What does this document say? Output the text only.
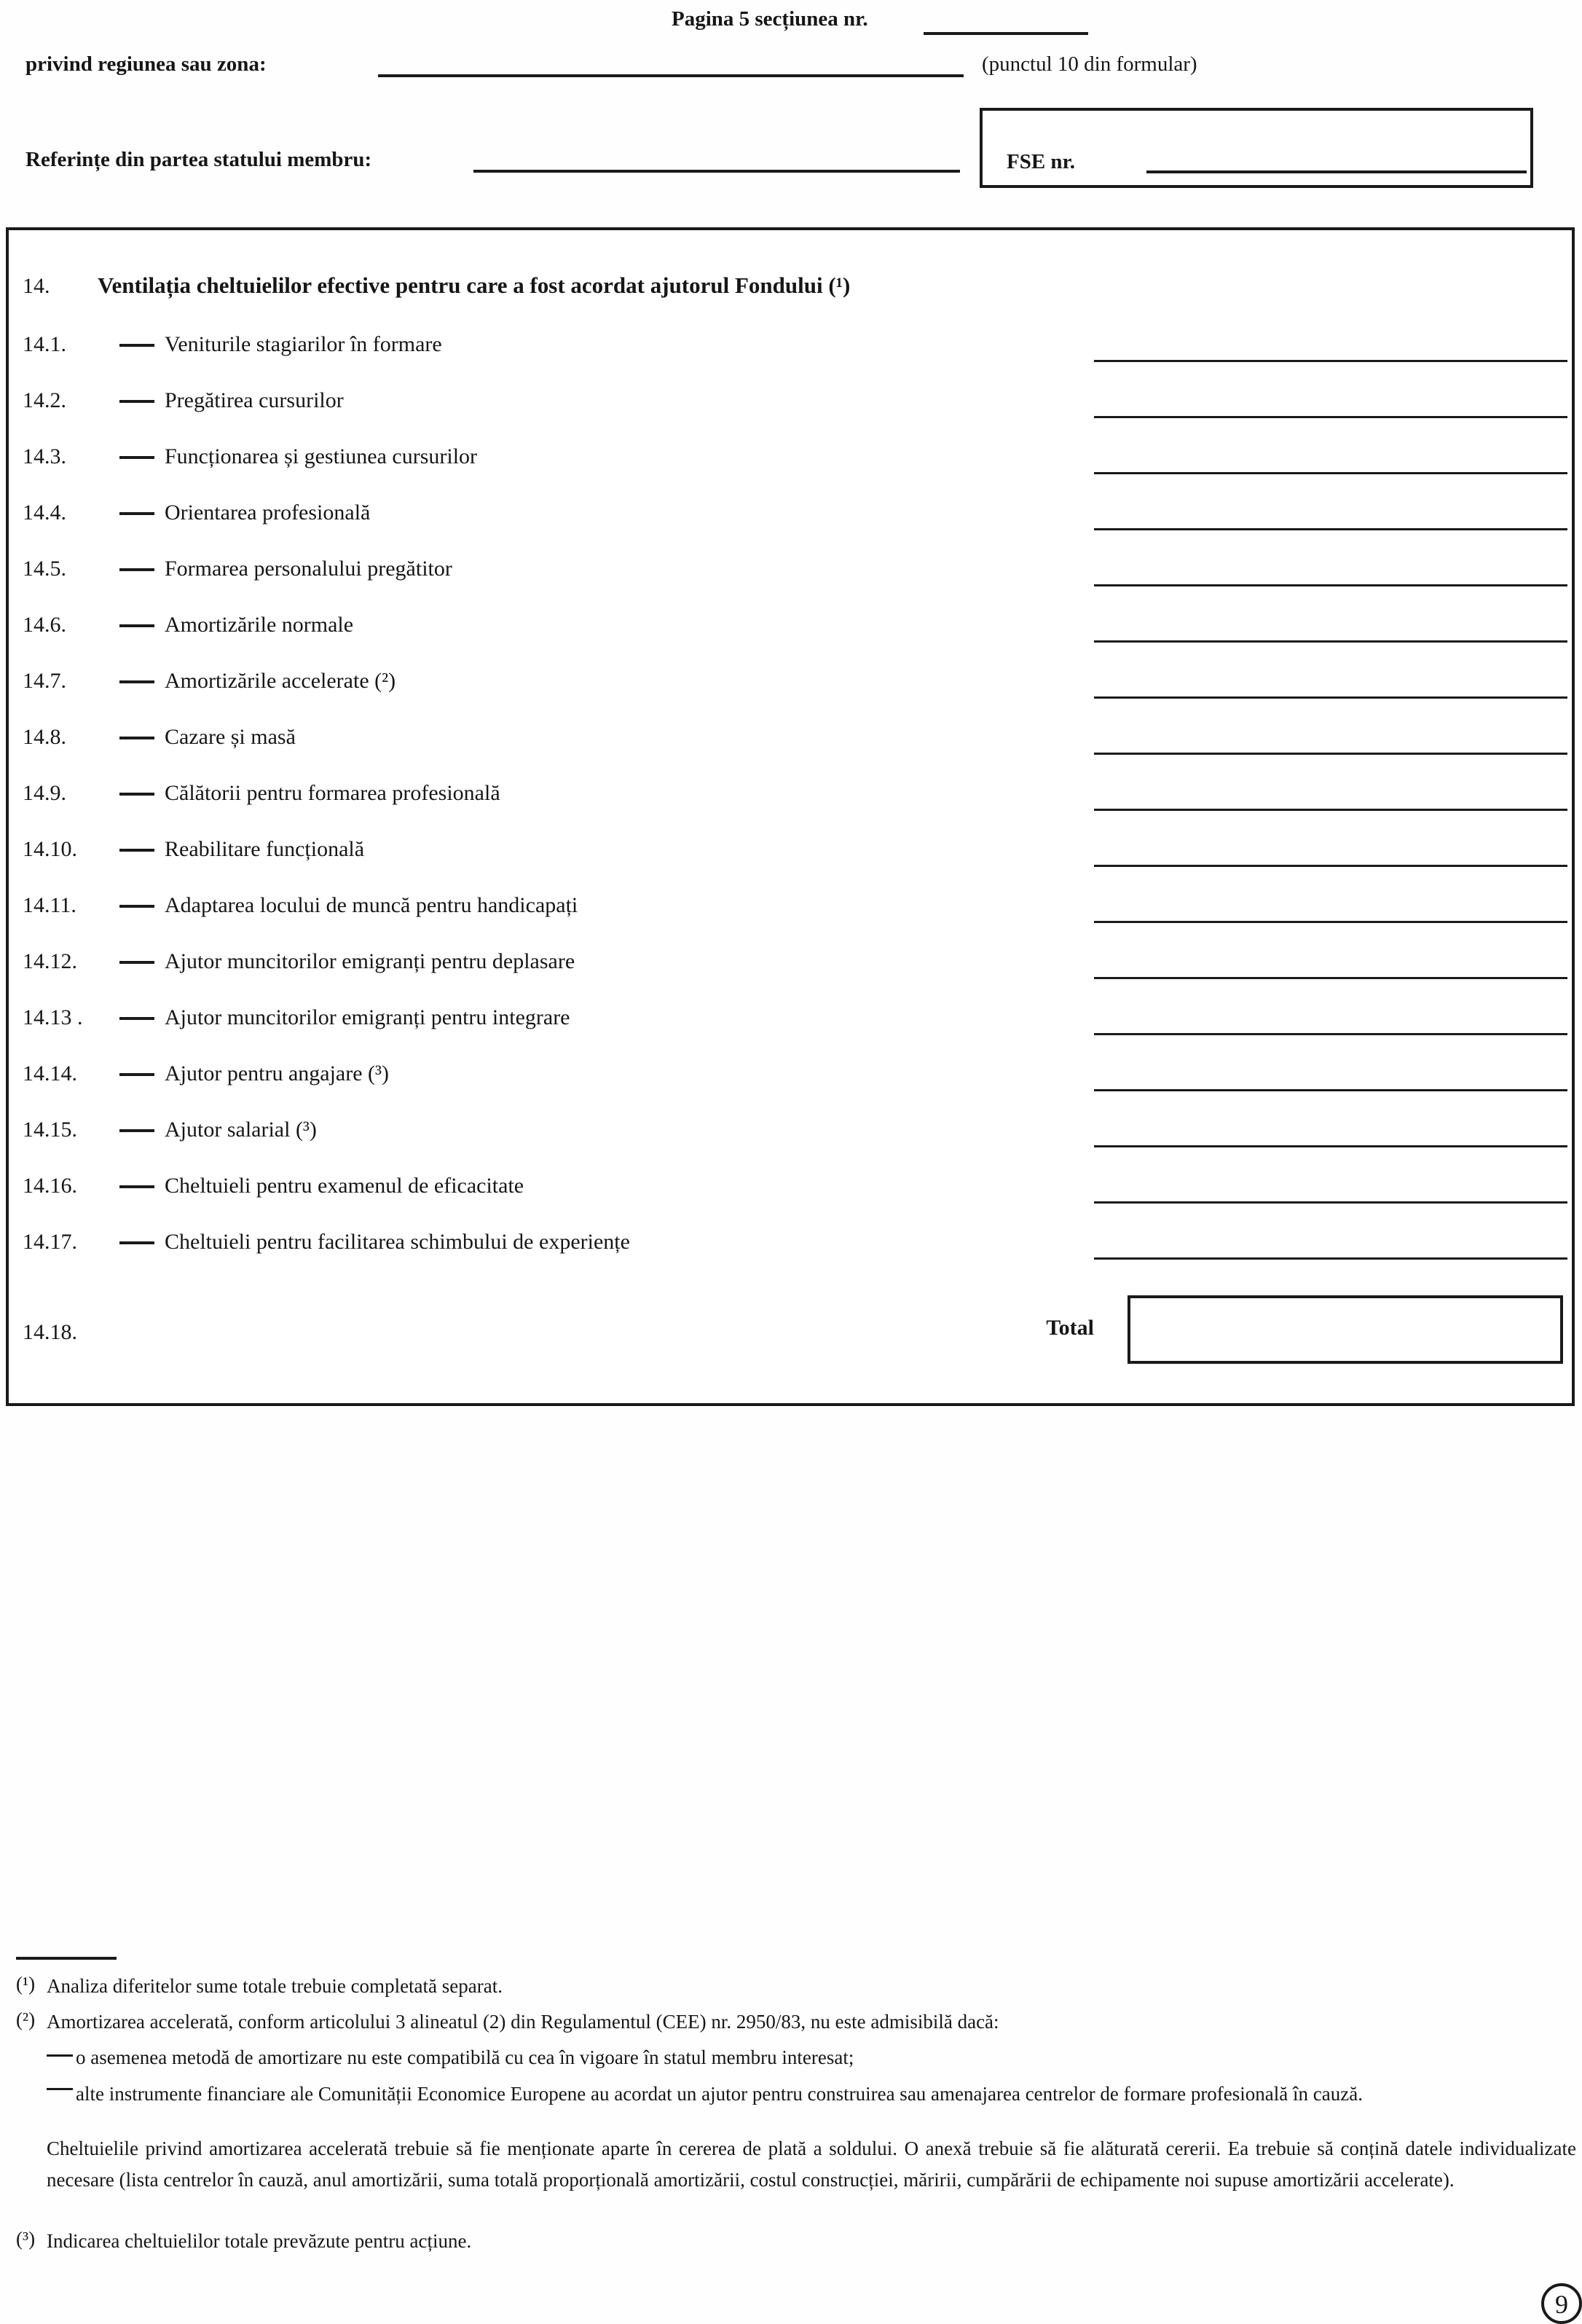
Pagina 5 secțiunea nr.
privind regiunea sau zona:	(punctul 10 din formular)
Referințe din partea statului membru:	FSE nr.
14. Ventilația cheltuielilor efective pentru care a fost acordat ajutorul Fondului (¹)
14.1.	Veniturile stagiarilor în formare
14.2.	Pregătirea cursurilor
14.3.	Funcționarea și gestiunea cursurilor
14.4.	Orientarea profesională
14.5.	Formarea personalului pregătitor
14.6.	Amortizările normale
14.7.	Amortizările accelerate (²)
14.8.	Cazare și masă
14.9.	Călătorii pentru formarea profesională
14.10.	Reabilitare funcțională
14.11.	Adaptarea locului de muncă pentru handicapați
14.12.	Ajutor muncitorilor emigranți pentru deplasare
14.13 .	Ajutor muncitorilor emigranți pentru integrare
14.14.	Ajutor pentru angajare (³)
14.15.	Ajutor salarial (³)
14.16.	Cheltuieli pentru examenul de eficacitate
14.17.	Cheltuieli pentru facilitarea schimbului de experiențe
14.18.	Total
(¹) Analiza diferitelor sume totale trebuie completată separat.
(²) Amortizarea accelerată, conform articolului 3 alineatul (2) din Regulamentul (CEE) nr. 2950/83, nu este admisibilă dacă:
o asemenea metodă de amortizare nu este compatibilă cu cea în vigoare în statul membru interesat;
alte instrumente financiare ale Comunității Economice Europene au acordat un ajutor pentru construirea sau amenajarea centrelor de formare profesională în cauză.
Cheltuielile privind amortizarea accelerată trebuie să fie menționate aparte în cererea de plată a soldului. O anexă trebuie să fie alăturată cererii. Ea trebuie să conțină datele individualizate necesare (lista centrelor în cauză, anul amortizării, suma totală proporțională amortizării, costul construcției, măririi, cumpărării de echipamente noi supuse amortizării accelerate).
(³) Indicarea cheltuielilor totale prevăzute pentru acțiune.
9
